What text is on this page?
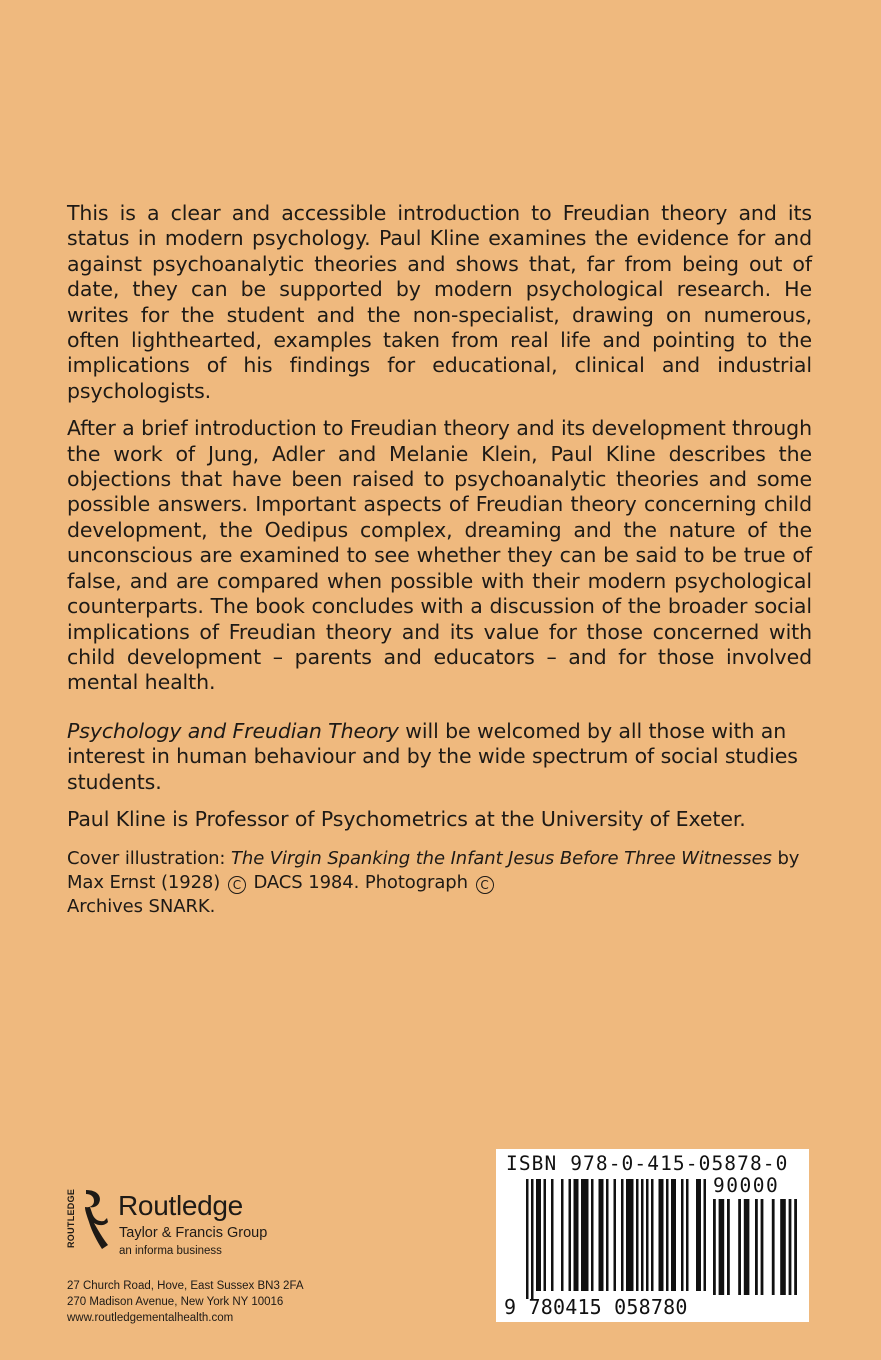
This is a clear and accessible introduction to Freudian theory and its status in modern psychology. Paul Kline examines the evidence for and against psychoanalytic theories and shows that, far from being out of date, they can be supported by modern psychological research. He writes for the student and the non-specialist, drawing on numerous, often lighthearted, examples taken from real life and pointing to the implications of his findings for educational, clinical and industrial psychologists.

After a brief introduction to Freudian theory and its development through the work of Jung, Adler and Melanie Klein, Paul Kline describes the objections that have been raised to psychoanalytic theories and some possible answers. Important aspects of Freudian theory concerning child development, the Oedipus complex, dreaming and the nature of the unconscious are examined to see whether they can be said to be true of false, and are compared when possible with their modern psychological counterparts. The book concludes with a discussion of the broader social implications of Freudian theory and its value for those concerned with child development – parents and educators – and for those involved mental health.

Psychology and Freudian Theory will be welcomed by all those with an interest in human behaviour and by the wide spectrum of social studies students.

Paul Kline is Professor of Psychometrics at the University of Exeter.

Cover illustration: The Virgin Spanking the Infant Jesus Before Three Witnesses by Max Ernst (1928) C DACS 1984. Photograph C
Archives SNARK.

ROUTLEDGE Routledge
Taylor & Francis Group
an informa business
27 Church Road, Hove, East Sussex BN3 2FA
270 Madison Avenue, New York NY 10016
www.routledgementalhealth.com
ISBN 978-0-415-05878-0
90000
9 780415 058780
